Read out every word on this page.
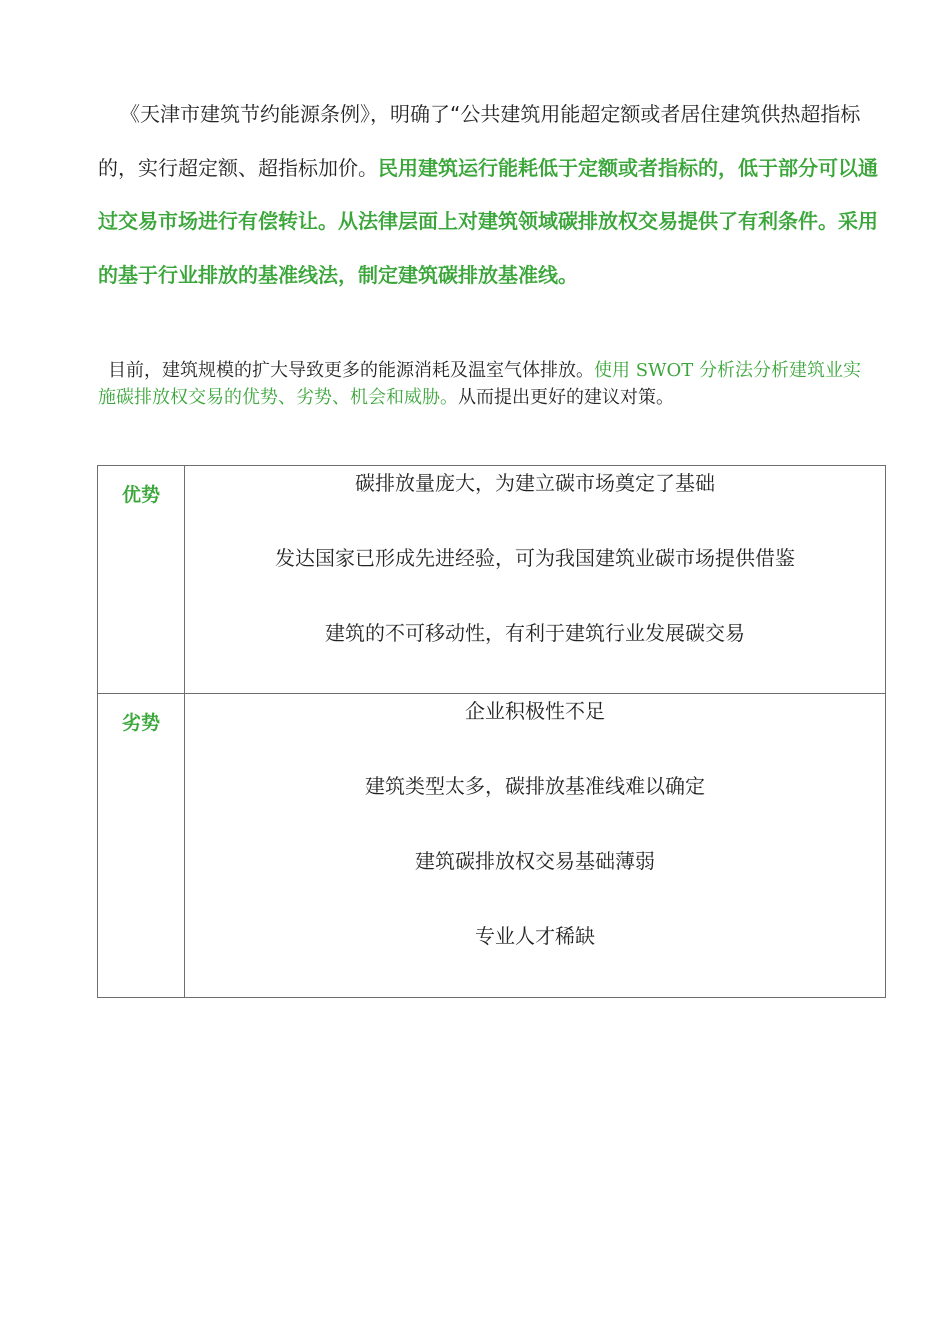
《天津市建筑节约能源条例》，明确了“公共建筑用能超定额或者居住建筑供热超指标的，实行超定额、超指标加价。民用建筑运行能耗低于定额或者指标的，低于部分可以通过交易市场进行有偿转让。从法律层面上对建筑领域碳排放权交易提供了有利条件。采用的基于行业排放的基准线法，制定建筑碳排放基准线。

目前，建筑规模的扩大导致更多的能源消耗及温室气体排放。使用 SWOT 分析法分析建筑业实施碳排放权交易的优势、劣势、机会和威胁。从而提出更好的建议对策。

优势	碳排放量庞大，为建立碳市场奠定了基础
发达国家已形成先进经验，可为我国建筑业碳市场提供借鉴
建筑的不可移动性，有利于建筑行业发展碳交易

劣势	企业积极性不足
建筑类型太多，碳排放基准线难以确定
建筑碳排放权交易基础薄弱
专业人才稀缺
